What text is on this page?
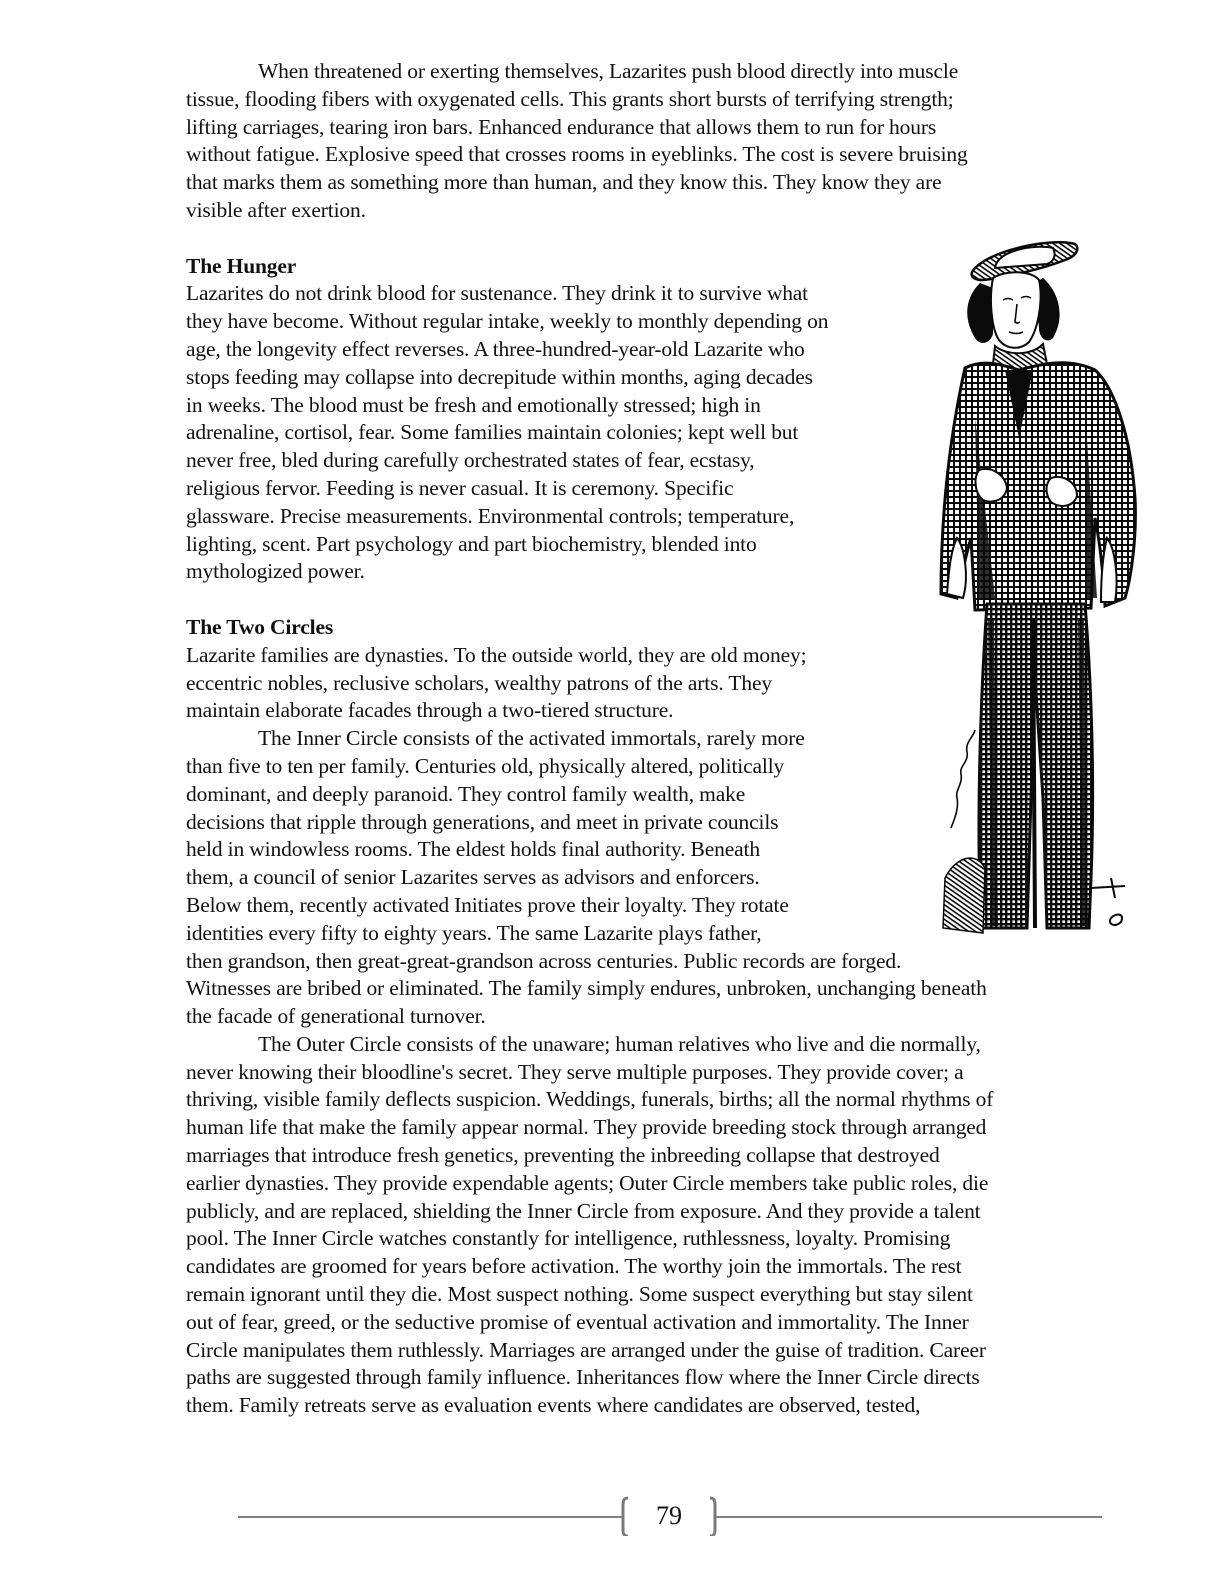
When threatened or exerting themselves, Lazarites push blood directly into muscle
tissue, flooding fibers with oxygenated cells. This grants short bursts of terrifying strength;
lifting carriages, tearing iron bars. Enhanced endurance that allows them to run for hours
without fatigue. Explosive speed that crosses rooms in eyeblinks. The cost is severe bruising
that marks them as something more than human, and they know this. They know they are
visible after exertion.
The Hunger
Lazarites do not drink blood for sustenance. They drink it to survive what
they have become. Without regular intake, weekly to monthly depending on
age, the longevity effect reverses. A three-hundred-year-old Lazarite who
stops feeding may collapse into decrepitude within months, aging decades
in weeks. The blood must be fresh and emotionally stressed; high in
adrenaline, cortisol, fear. Some families maintain colonies; kept well but
never free, bled during carefully orchestrated states of fear, ecstasy,
religious fervor. Feeding is never casual. It is ceremony. Specific
glassware. Precise measurements. Environmental controls; temperature,
lighting, scent. Part psychology and part biochemistry, blended into
mythologized power.
The Two Circles
Lazarite families are dynasties. To the outside world, they are old money;
eccentric nobles, reclusive scholars, wealthy patrons of the arts. They
maintain elaborate facades through a two-tiered structure.
The Inner Circle consists of the activated immortals, rarely more
than five to ten per family. Centuries old, physically altered, politically
dominant, and deeply paranoid. They control family wealth, make
decisions that ripple through generations, and meet in private councils
held in windowless rooms. The eldest holds final authority. Beneath
them, a council of senior Lazarites serves as advisors and enforcers.
Below them, recently activated Initiates prove their loyalty. They rotate
identities every fifty to eighty years. The same Lazarite plays father,
then grandson, then great-great-grandson across centuries. Public records are forged.
Witnesses are bribed or eliminated. The family simply endures, unbroken, unchanging beneath
the facade of generational turnover.
The Outer Circle consists of the unaware; human relatives who live and die normally,
never knowing their bloodline's secret. They serve multiple purposes. They provide cover; a
thriving, visible family deflects suspicion. Weddings, funerals, births; all the normal rhythms of
human life that make the family appear normal. They provide breeding stock through arranged
marriages that introduce fresh genetics, preventing the inbreeding collapse that destroyed
earlier dynasties. They provide expendable agents; Outer Circle members take public roles, die
publicly, and are replaced, shielding the Inner Circle from exposure. And they provide a talent
pool. The Inner Circle watches constantly for intelligence, ruthlessness, loyalty. Promising
candidates are groomed for years before activation. The worthy join the immortals. The rest
remain ignorant until they die. Most suspect nothing. Some suspect everything but stay silent
out of fear, greed, or the seductive promise of eventual activation and immortality. The Inner
Circle manipulates them ruthlessly. Marriages are arranged under the guise of tradition. Career
paths are suggested through family influence. Inheritances flow where the Inner Circle directs
them. Family retreats serve as evaluation events where candidates are observed, tested,
79
